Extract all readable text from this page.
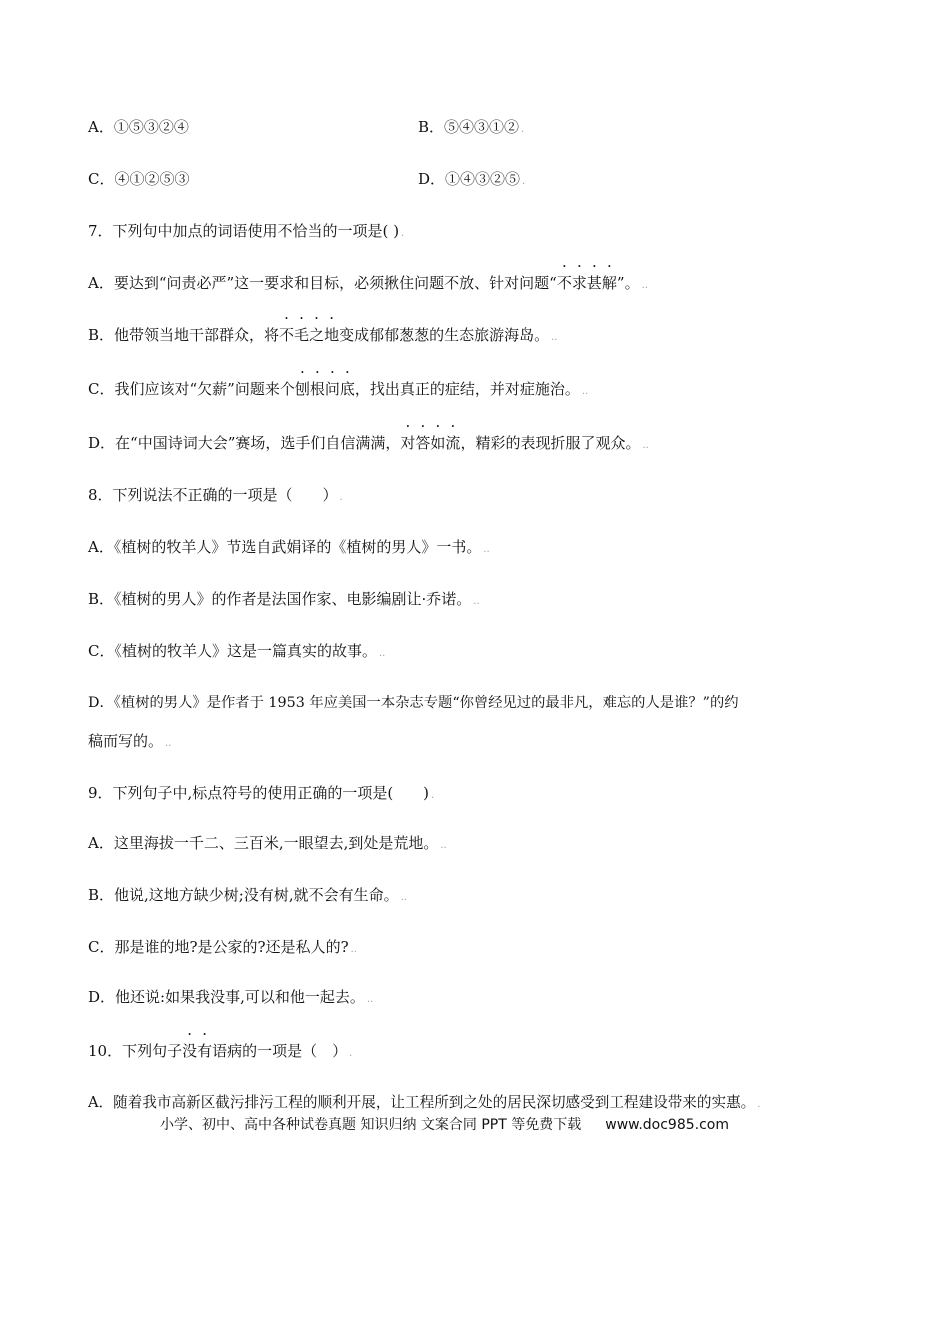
A．①⑤③②④	B．⑤④③①② .
C．④①②⑤③	D．①④③②⑤ .
7．下列句中加点的词语使用不恰当的一项是( ) .
A．要达到“问责必严”这一要求和目标，必须揪住问题不放、针对问题“不求甚解”。 ..
B．他带领当地干部群众，将不毛之地变成郁郁葱葱的生态旅游海岛。 ..
C．我们应该对“欠薪”问题来个刨根问底，找出真正的症结，并对症施治。 ..
D．在“中国诗词大会”赛场，选手们自信满满，对答如流，精彩的表现折服了观众。 ..
8．下列说法不正确的一项是（　　） .
A．《植树的牧羊人》节选自武娟译的《植树的男人》一书。 ..
B．《植树的男人》的作者是法国作家、电影编剧让·乔诺。 ..
C．《植树的牧羊人》这是一篇真实的故事。 ..
D．《植树的男人》是作者于 1953 年应美国一本杂志专题“你曾经见过的最非凡，难忘的人是谁？”的约
稿而写的。 ..
9．下列句子中,标点符号的使用正确的一项是(　　) .
A．这里海拔一千二、三百米,一眼望去,到处是荒地。 ..
B．他说,这地方缺少树;没有树,就不会有生命。 ..
C．那是谁的地?是公家的?还是私人的? ..
D．他还说:如果我没事,可以和他一起去。 ..
10．下列句子没有语病的一项是（　） .
A．随着我市高新区截污排污工程的顺利开展，让工程所到之处的居民深切感受到工程建设带来的实惠。 .
小学、初中、高中各种试卷真题 知识归纳 文案合同 PPT 等免费下载 www.doc985.com
